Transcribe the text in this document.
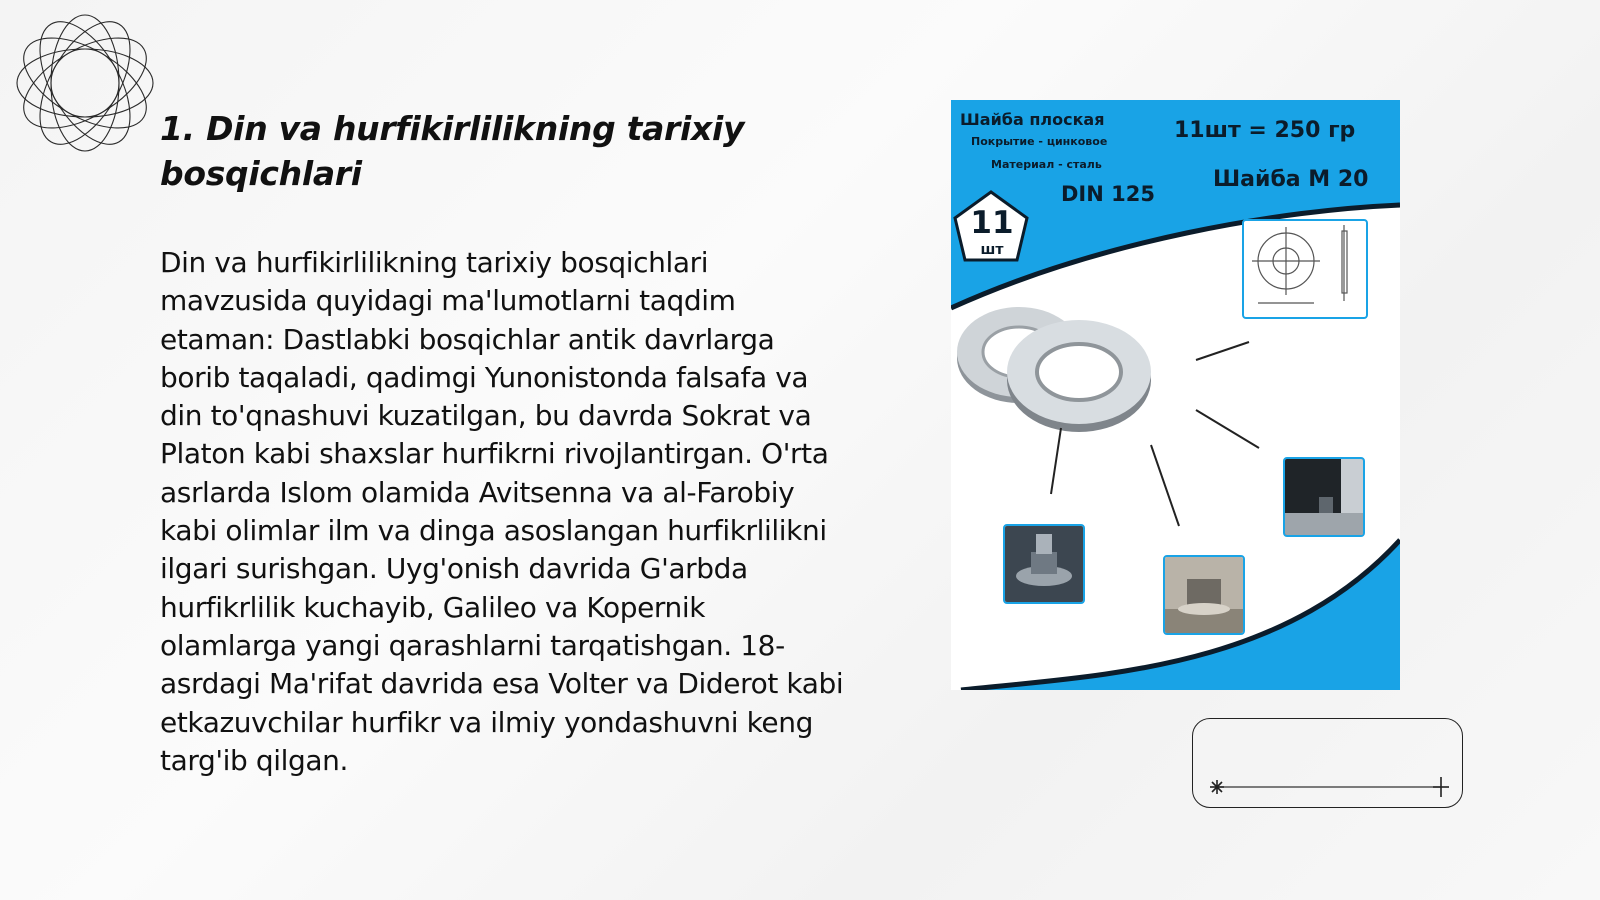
1. Din va hurfikirlilikning tarixiy bosqichlari

Din va hurfikirlilikning tarixiy bosqichlari mavzusida quyidagi ma'lumotlarni taqdim etaman: Dastlabki bosqichlar antik davrlarga borib taqaladi, qadimgi Yunonistonda falsafa va din to'qnashuvi kuzatilgan, bu davrda Sokrat va Platon kabi shaxslar hurfikrni rivojlantirgan. O'rta asrlarda Islom olamida Avitsenna va al-Farobiy kabi olimlar ilm va dinga asoslangan hurfikrlilikni ilgari surishgan. Uyg'onish davrida G'arbda hurfikrlilik kuchayib, Galileo va Kopernik olamlarga yangi qarashlarni tarqatishgan. 18-asrdagi Ma'rifat davrida esa Volter va Diderot kabi etkazuvchilar hurfikr va ilmiy yondashuvni keng targ'ib qilgan.

Шайба плоская
Покрытие - цинковое
Материал - сталь
DIN 125
11шт = 250 гр
Шайба М 20
11
шт
